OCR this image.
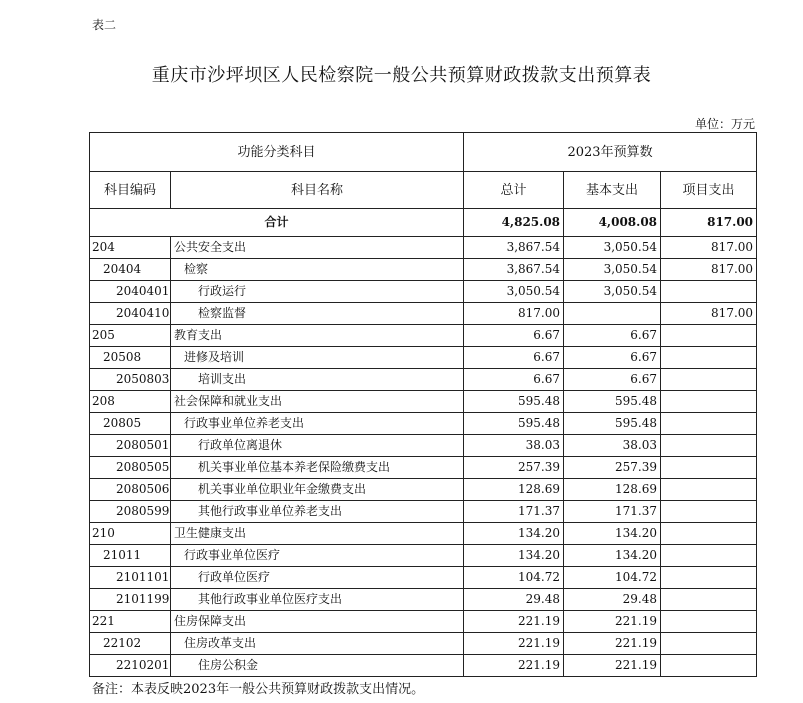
表二
重庆市沙坪坝区人民检察院一般公共预算财政拨款支出预算表
单位：万元
功能分类科目		2023年预算数		
科目编码	科目名称	总计	基本支出	项目支出
合计		4,825.08	4,008.08	817.00
204	公共安全支出	3,867.54	3,050.54	817.00
20404	检察	3,867.54	3,050.54	817.00
2040401	行政运行	3,050.54	3,050.54	
2040410	检察监督	817.00		817.00
205	教育支出	6.67	6.67	
20508	进修及培训	6.67	6.67	
2050803	培训支出	6.67	6.67	
208	社会保障和就业支出	595.48	595.48	
20805	行政事业单位养老支出	595.48	595.48	
2080501	行政单位离退休	38.03	38.03	
2080505	机关事业单位基本养老保险缴费支出	257.39	257.39	
2080506	机关事业单位职业年金缴费支出	128.69	128.69	
2080599	其他行政事业单位养老支出	171.37	171.37	
210	卫生健康支出	134.20	134.20	
21011	行政事业单位医疗	134.20	134.20	
2101101	行政单位医疗	104.72	104.72	
2101199	其他行政事业单位医疗支出	29.48	29.48	
221	住房保障支出	221.19	221.19	
22102	住房改革支出	221.19	221.19	
2210201	住房公积金	221.19	221.19	
备注：本表反映2023年一般公共预算财政拨款支出情况。
